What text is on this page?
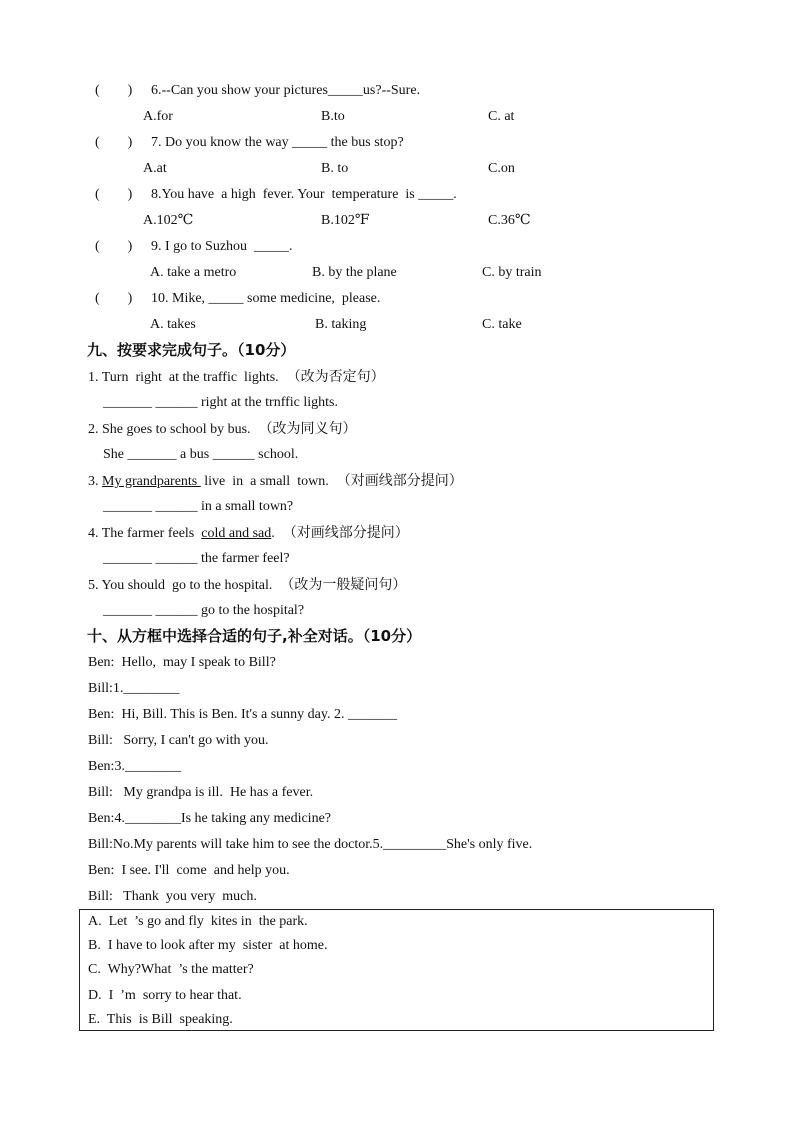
(        ) 6.--Can you show your pictures_____us?--Sure.
A.for	B.to	C. at
(        ) 7. Do you know the way _____ the bus stop?
A.at	B. to	C.on
(        ) 8.You have  a high  fever. Your  temperature  is _____.
A.102℃	B.102℉	C.36℃
(        ) 9. I go to Suzhou  _____.
A. take a metro	B. by the plane	C. by train
(        ) 10. Mike, _____ some medicine,  please.
A. takes	B. taking	C. take
九、按要求完成句子。（10分）
1. Turn  right  at the traffic  lights. （改为否定句）
_______ ______ right at the trnffic lights.
2. She goes to school by bus. （改为同义句）
She _______ a bus ______ school.
3. My grandparents  live  in  a small  town. （对画线部分提问）
_______ ______ in a small town?
4. The farmer feels  cold and sad. （对画线部分提问）
_______ ______ the farmer feel?
5. You should  go to the hospital. （改为一般疑问句）
_______ ______ go to the hospital?
十、从方框中选择合适的句子,补全对话。（10分）
Ben:  Hello,  may I speak to Bill?
Bill:1.________
Ben:  Hi, Bill. This is Ben. It's a sunny day. 2. _______
Bill:   Sorry, I can't go with you.
Ben:3.________
Bill:   My grandpa is ill.  He has a fever.
Ben:4.________Is he taking any medicine?
Bill:No.My parents will take him to see the doctor.5._________She's only five.
Ben:  I see. I'll  come  and help you.
Bill:   Thank  you very  much.
A.  Let  ’s go and fly  kites in  the park.
B.  I have to look after my  sister  at home.
C.  Why?What  ’s the matter?
D.  I  ’m  sorry to hear that.
E.  This  is Bill  speaking.
